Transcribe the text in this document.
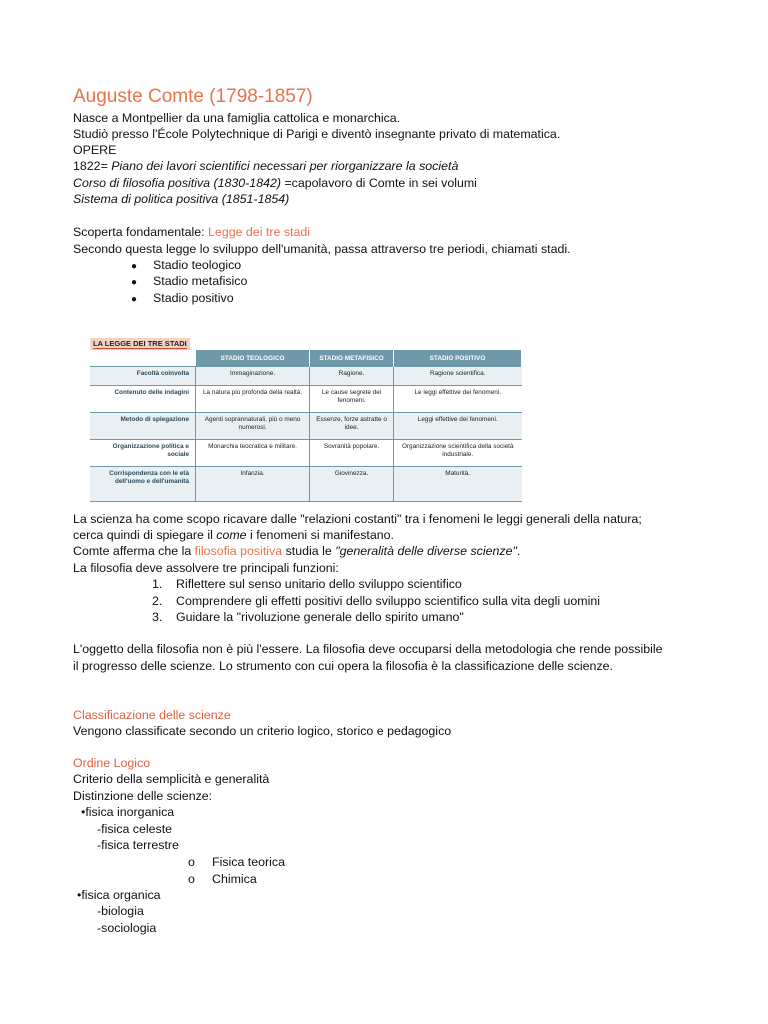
Auguste Comte (1798-1857)
Nasce a Montpellier da una famiglia cattolica e monarchica.
Studiò presso l'École Polytechnique di Parigi e diventò insegnante privato di matematica.
OPERE
1822= Piano dei lavori scientifici necessari per riorganizzare la società
Corso di filosofia positiva (1830-1842) =capolavoro di Comte in sei volumi
Sistema di politica positiva (1851-1854)
Scoperta fondamentale: Legge dei tre stadi
Secondo questa legge lo sviluppo dell'umanità, passa attraverso tre periodi, chiamati stadi.
● Stadio teologico
● Stadio metafisico
● Stadio positivo
LA LEGGE DEI TRE STADI
	STADIO TEOLOGICO	STADIO METAFISICO	STADIO POSITIVO
Facoltà coinvolta	Immaginazione.	Ragione.	Ragione scientifica.
Contenuto delle indagini	La natura più profonda della realtà.	Le cause segrete dei fenomeni.	Le leggi effettive dei fenomeni.
Metodo di spiegazione	Agenti soprannaturali, più o meno numerosi.	Essenze, forze astratte o idee.	Leggi effettive dei fenomeni.
Organizzazione politica e sociale	Monarchia teocratica e militare.	Sovranità popolare.	Organizzazione scientifica della società industriale.
Corrispondenza con le età dell'uomo e dell'umanità	Infanzia.	Giovinezza.	Maturità.
La scienza ha come scopo ricavare dalle "relazioni costanti" tra i fenomeni le leggi generali della natura;
cerca quindi di spiegare il come i fenomeni si manifestano.
Comte afferma che la filosofia positiva studia le "generalità delle diverse scienze".
La filosofia deve assolvere tre principali funzioni:
1. Riflettere sul senso unitario dello sviluppo scientifico
2. Comprendere gli effetti positivi dello sviluppo scientifico sulla vita degli uomini
3. Guidare la "rivoluzione generale dello spirito umano"
L'oggetto della filosofia non è più l'essere. La filosofia deve occuparsi della metodologia che rende possibile
il progresso delle scienze. Lo strumento con cui opera la filosofia è la classificazione delle scienze.
Classificazione delle scienze
Vengono classificate secondo un criterio logico, storico e pedagogico
Ordine Logico
Criterio della semplicità e generalità
Distinzione delle scienze:
•fisica inorganica
-fisica celeste
-fisica terrestre
o Fisica teorica
o Chimica
•fisica organica
-biologia
-sociologia
